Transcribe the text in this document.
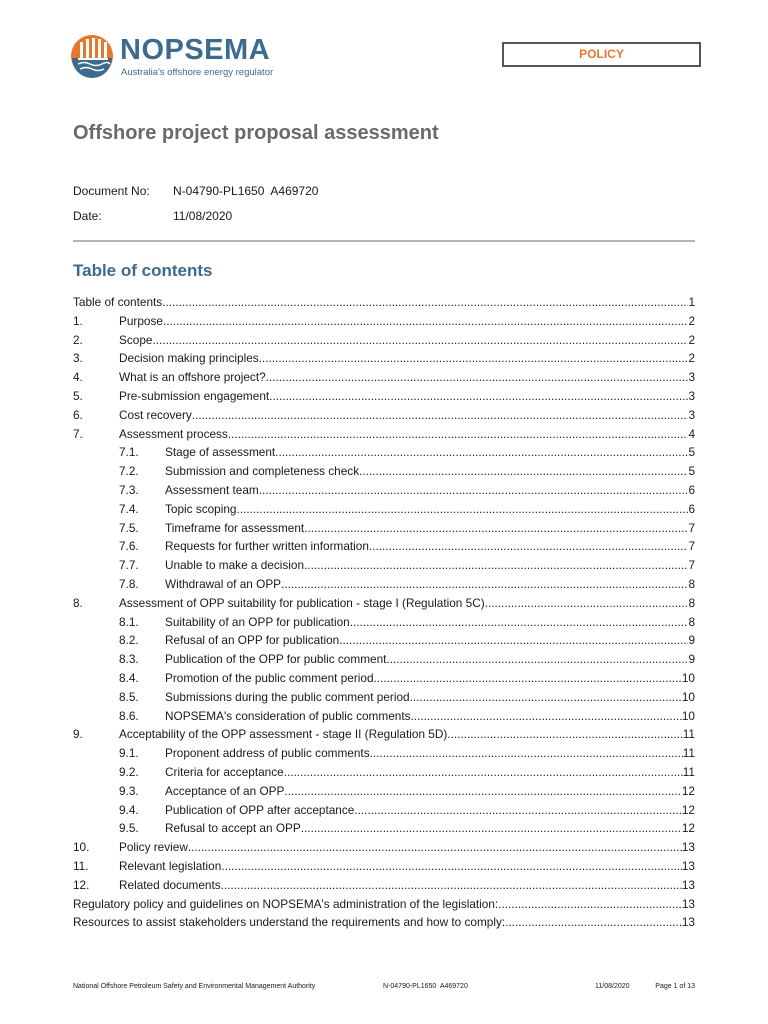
NOPSEMA
Australia's offshore energy regulator
POLICY
Offshore project proposal assessment
Document No: N-04790-PL1650  A469720
Date:	11/08/2020
Table of contents
Table of contents .....	1
1.	Purpose .....	2
2.	Scope .....	2
3.	Decision making principles .....	2
4.	What is an offshore project? .....	3
5.	Pre-submission engagement .....	3
6.	Cost recovery .....	3
7.	Assessment process .....	4
7.1.	Stage of assessment .....	5
7.2.	Submission and completeness check .....	5
7.3.	Assessment team .....	6
7.4.	Topic scoping .....	6
7.5.	Timeframe for assessment .....	7
7.6.	Requests for further written information .....	7
7.7.	Unable to make a decision .....	7
7.8.	Withdrawal of an OPP .....	8
8.	Assessment of OPP suitability for publication - stage I (Regulation 5C) .....	8
8.1.	Suitability of an OPP for publication .....	8
8.2.	Refusal of an OPP for publication .....	9
8.3.	Publication of the OPP for public comment .....	9
8.4.	Promotion of the public comment period .....	10
8.5.	Submissions during the public comment period .....	10
8.6.	NOPSEMA's consideration of public comments .....	10
9.	Acceptability of the OPP assessment - stage II (Regulation 5D) .....	11
9.1.	Proponent address of public comments .....	11
9.2.	Criteria for acceptance .....	11
9.3.	Acceptance of an OPP .....	12
9.4.	Publication of OPP after acceptance .....	12
9.5.	Refusal to accept an OPP .....	12
10.	Policy review .....	13
11.	Relevant legislation .....	13
12.	Related documents .....	13
Regulatory policy and guidelines on NOPSEMA's administration of the legislation: .....	13
Resources to assist stakeholders understand the requirements and how to comply: .....	13
National Offshore Petroleum Safety and Environmental Management Authority	N-04790-PL1650  A469720	11/08/2020	Page 1 of 13
